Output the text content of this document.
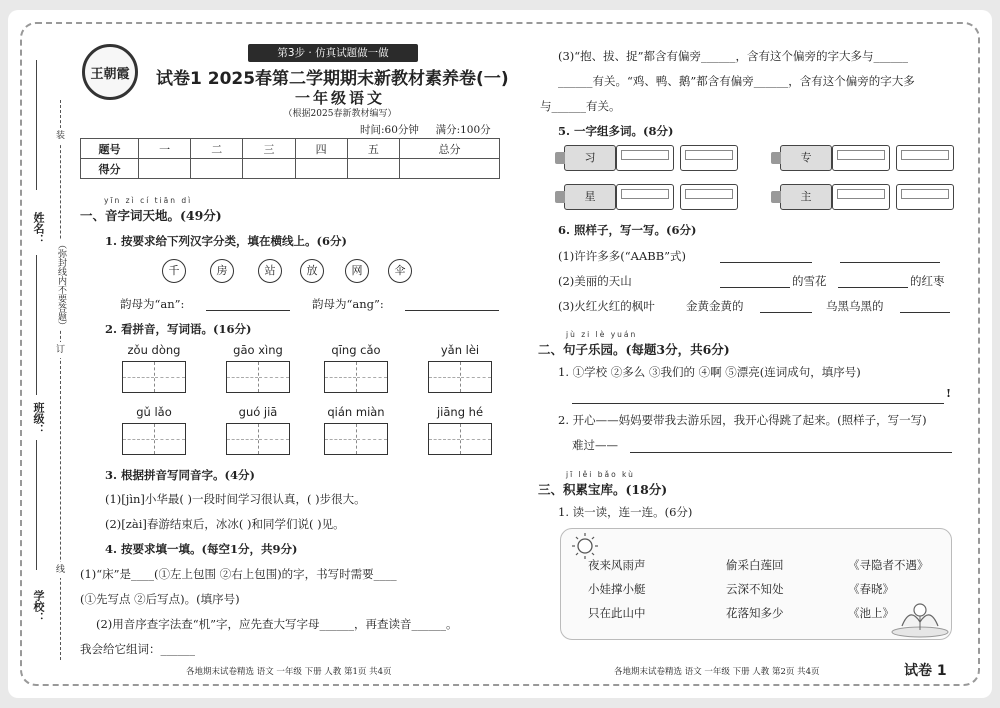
姓名：
班级：
学校：
（弥封线内不要答题）
装
订
线
王朝霞
第3步 · 仿真试题做一做
试卷1 2025春第二学期期末新教材素养卷(一)
一年级语文
（根据2025春新教材编写）
时间:60分钟 满分:100分
题号	一	二	三	四	五	总分
得分						
yīn zì cí tiān dì
一、音字词天地。(49分)
1. 按要求给下列汉字分类，填在横线上。(6分)
千	房	站	放	网	伞
韵母为“an”:	韵母为“ang”:
2. 看拼音，写词语。(16分)
zǒu dòng	gāo xìng	qīng cǎo	yǎn lèi
gǔ lǎo	guó jiā	qián miàn	jiāng hé
3. 根据拼音写同音字。(4分)
(1)[jìn]小华最( )一段时间学习很认真，( )步很大。
(2)[zài]春游结束后，冰冰( )和同学们说( )见。
4. 按要求填一填。(每空1分，共9分)
(1)“床”是____(①左上包围 ②右上包围)的字，书写时需要____
(①先写点 ②后写点)。(填序号)
(2)用音序查字法查“机”字，应先查大写字母______，再查读音______。
我会给它组词：______
各地期末试卷精选 语文 一年级 下册 人教 第1页 共4页
(3)“抱、拔、捉”都含有偏旁______，含有这个偏旁的字大多与______
______有关。“鸡、鸭、鹅”都含有偏旁______，含有这个偏旁的字大多
与______有关。
5. 一字组多词。(8分)
习	专
星	主
6. 照样子，写一写。(6分)
(1)许许多多(“AABB”式)
(2)美丽的天山	的雪花	的红枣
(3)火红火红的枫叶	金黄金黄的	乌黑乌黑的
jù zi lè yuán
二、句子乐园。(每题3分，共6分)
1. ①学校 ②多么 ③我们的 ④啊 ⑤漂亮(连词成句，填序号)
!
2. 开心——妈妈要带我去游乐园，我开心得跳了起来。(照样子，写一写)
难过——
jī lěi bǎo kù
三、积累宝库。(18分)
1. 读一读，连一连。(6分)
夜来风雨声
小娃撑小艇
只在此山中
偷采白莲回
云深不知处
花落知多少
《寻隐者不遇》
《春晓》
《池上》
各地期末试卷精选 语文 一年级 下册 人教 第2页 共4页	试卷 1
